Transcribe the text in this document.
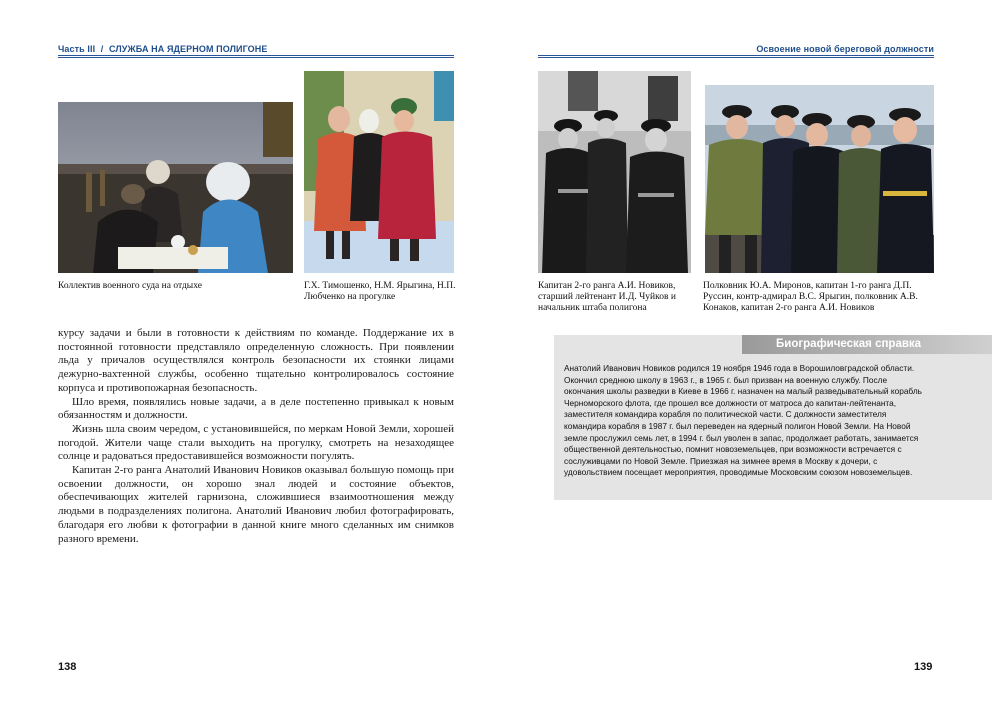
Часть III / СЛУЖБА НА ЯДЕРНОМ ПОЛИГОНЕ
Коллектив военного суда на отдыхе	Г.Х. Тимошенко, Н.М. Ярыгина, Н.П. Любченко на прогулке

курсу задачи и были в готовности к действиям по команде. Поддержание их в постоянной готовности представляло определенную сложность. При появлении льда у причалов осуществлялся контроль безопасности их стоянки лицами дежурно-вахтенной службы, особенно тщательно контролировалось состояние корпуса и противопожарная безопасность.

Шло время, появлялись новые задачи, а в деле постепенно привыкал к новым обязанностям и должности.

Жизнь шла своим чередом, с установившейся, по меркам Новой Земли, хорошей погодой. Жители чаще стали выходить на прогулку, смотреть на незаходящее солнце и радоваться предоставившейся возможности погулять.

Капитан 2-го ранга Анатолий Иванович Новиков оказывал большую помощь при освоении должности, он хорошо знал людей и состояние объектов, обеспечивающих жителей гарнизона, сложившиеся взаимоотношения между людьми в подразделениях полигона. Анатолий Иванович любил фотографировать, благодаря его любви к фотографии в данной книге много сделанных им снимков разного времени.

138
Освоение новой береговой должности
Капитан 2-го ранга А.И. Новиков, старший лейтенант И.Д. Чуйков и начальник штаба полигона
Полковник Ю.А. Миронов, капитан 1-го ранга Д.П. Руссин, контр-адмирал В.С. Ярыгин, полковник А.В. Конаков, капитан 2-го ранга А.И. Новиков
Биографическая справка
Анатолий Иванович Новиков родился 19 ноября 1946 года в Ворошиловградской области. Окончил среднюю школу в 1963 г., в 1965 г. был призван на военную службу. После окончания школы разведки в Киеве в 1966 г. назначен на малый разведывательный корабль Черноморского флота, где прошел все должности от матроса до капитан-лейтенанта, заместителя командира корабля по политической части. С должности заместителя командира корабля в 1987 г. был переведен на ядерный полигон Новой Земли. На Новой земле прослужил семь лет, в 1994 г. был уволен в запас, продолжает работать, занимается общественной деятельностью, помнит новоземельцев, при возможности встречается с сослуживцами по Новой Земле. Приезжая на зимнее время в Москву к дочери, с удовольствием посещает мероприятия, проводимые Московским союзом новоземельцев.
139
